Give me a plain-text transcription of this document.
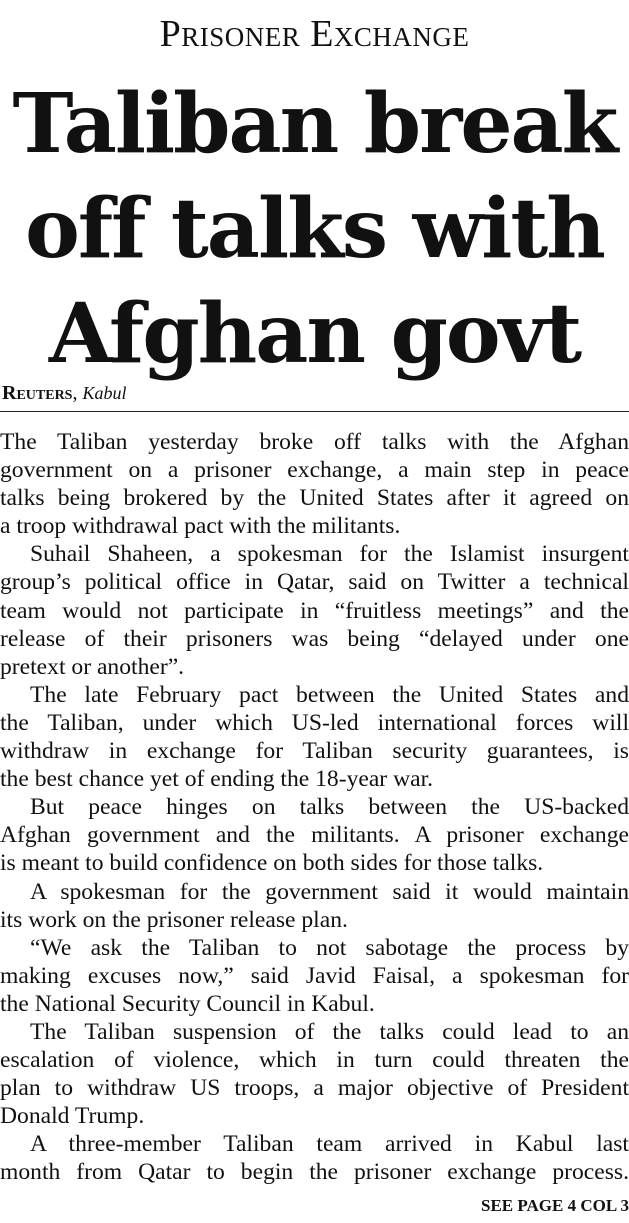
Prisoner Exchange
Taliban break
off talks with
Afghan govt
Reuters, Kabul

The Taliban yesterday broke off talks with the Afghan
government on a prisoner exchange, a main step in peace
talks being brokered by the United States after it agreed on
a troop withdrawal pact with the militants.

Suhail Shaheen, a spokesman for the Islamist insurgent
group’s political office in Qatar, said on Twitter a technical
team would not participate in “fruitless meetings” and the
release of their prisoners was being “delayed under one
pretext or another”.

The late February pact between the United States and
the Taliban, under which US-led international forces will
withdraw in exchange for Taliban security guarantees, is
the best chance yet of ending the 18-year war.

But peace hinges on talks between the US-backed
Afghan government and the militants. A prisoner exchange
is meant to build confidence on both sides for those talks.

A spokesman for the government said it would maintain
its work on the prisoner release plan.

“We ask the Taliban to not sabotage the process by
making excuses now,” said Javid Faisal, a spokesman for
the National Security Council in Kabul.

The Taliban suspension of the talks could lead to an
escalation of violence, which in turn could threaten the
plan to withdraw US troops, a major objective of President
Donald Trump.

A three-member Taliban team arrived in Kabul last
month from Qatar to begin the prisoner exchange process.

SEE PAGE 4 COL 3
